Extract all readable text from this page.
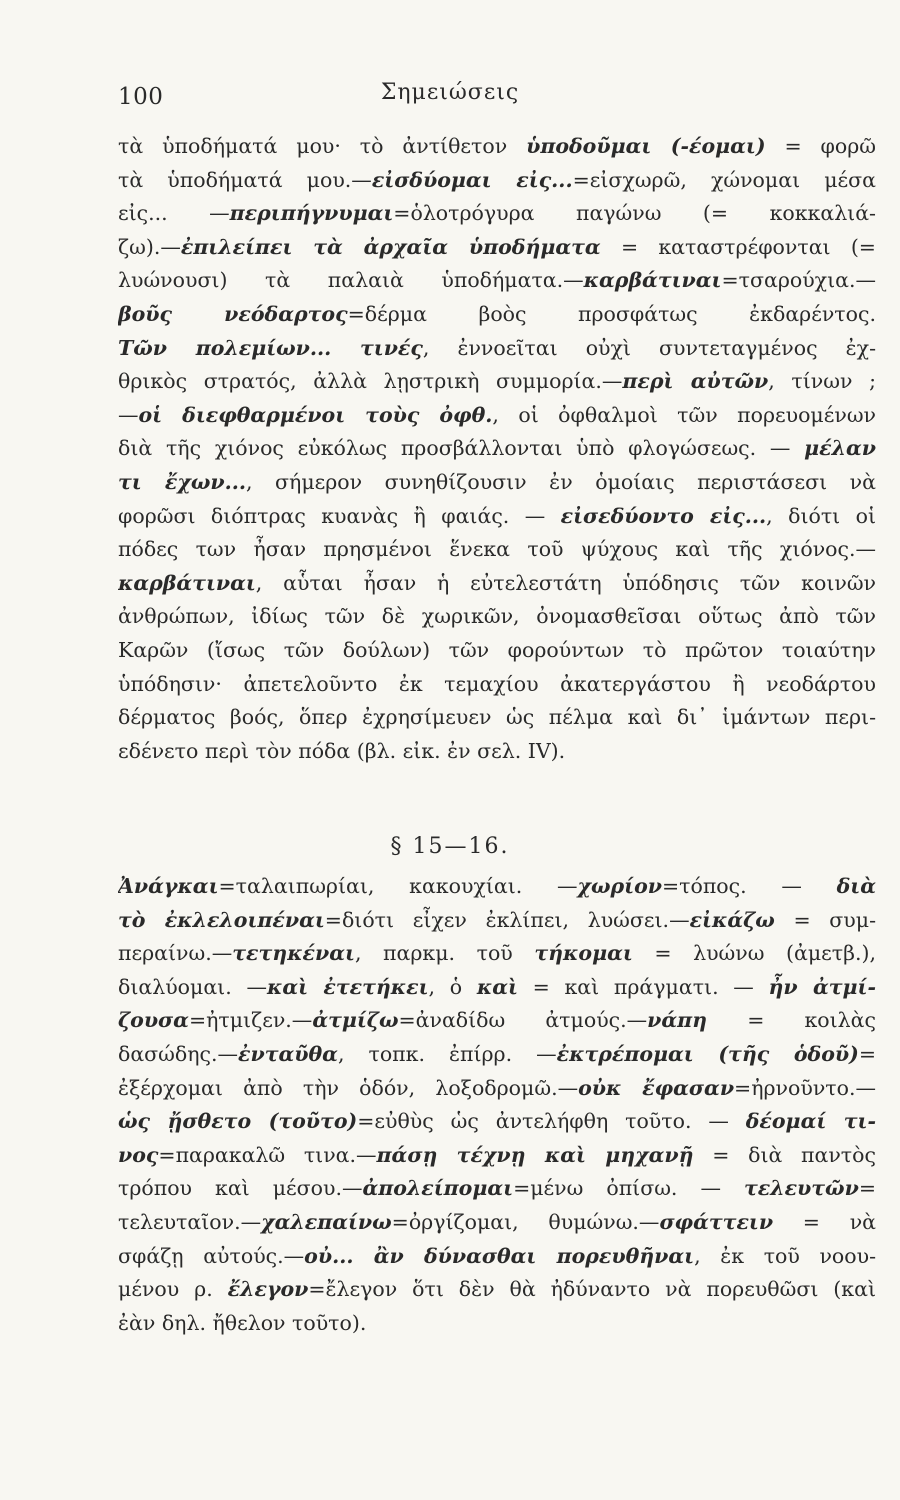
100	Σημειώσεις
τὰ ὑποδήματά μου· τὸ ἀντίθετον ὑποδοῦμαι (-έομαι) = φορῶ
τὰ ὑποδήματά μου.—εἰσδύομαι εἰς...=εἰσχωρῶ, χώνομαι μέσα
εἰς... —περιπήγνυμαι=ὁλοτρόγυρα παγώνω (= κοκκαλιά-
ζω).—ἐπιλείπει τὰ ἀρχαῖα ὑποδήματα = καταστρέφονται (=
λυώνουσι) τὰ παλαιὰ ὑποδήματα.—καρβάτιναι=τσαρούχια.—
βοῦς νεόδαρτος=δέρμα βοὸς προσφάτως ἐκδαρέντος.
Τῶν πολεμίων... τινές, ἐννοεῖται οὐχὶ συντεταγμένος ἐχ-
θρικὸς στρατός, ἀλλὰ λῃστρικὴ συμμορία.—περὶ αὐτῶν, τίνων ;
—οἱ διεφθαρμένοι τοὺς ὀφθ., οἱ ὀφθαλμοὶ τῶν πορευομένων
διὰ τῆς χιόνος εὐκόλως προσβάλλονται ὑπὸ φλογώσεως. — μέλαν
τι ἔχων..., σήμερον συνηθίζουσιν ἐν ὁμοίαις περιστάσεσι νὰ
φορῶσι διόπτρας κυανὰς ἢ φαιάς. — εἰσεδύοντο εἰς..., διότι οἱ
πόδες των ἦσαν πρησμένοι ἕνεκα τοῦ ψύχους καὶ τῆς χιόνος.—
καρβάτιναι, αὗται ἦσαν ἡ εὐτελεστάτη ὑπόδησις τῶν κοινῶν
ἀνθρώπων, ἰδίως τῶν δὲ χωρικῶν, ὀνομασθεῖσαι οὕτως ἀπὸ τῶν
Καρῶν (ἴσως τῶν δούλων) τῶν φορούντων τὸ πρῶτον τοιαύτην
ὑπόδησιν· ἀπετελοῦντο ἐκ τεμαχίου ἀκατεργάστου ἢ νεοδάρτου
δέρματος βοός, ὅπερ ἐχρησίμευεν ὡς πέλμα καὶ δι᾿ ἱμάντων περι-
εδένετο περὶ τὸν πόδα (βλ. εἰκ. ἐν σελ. IV).
§ 15—16.
Ἀνάγκαι=ταλαιπωρίαι, κακουχίαι. —χωρίον=τόπος. — διὰ
τὸ ἐκλελοιπέναι=διότι εἶχεν ἐκλίπει, λυώσει.—εἰκάζω = συμ-
περαίνω.—τετηκέναι, παρκμ. τοῦ τήκομαι = λυώνω (ἀμετβ.),
διαλύομαι. —καὶ ἐτετήκει, ὁ καὶ = καὶ πράγματι. — ἦν ἀτμί-
ζουσα=ἠτμιζεν.—ἀτμίζω=ἀναδίδω ἀτμούς.—νάπη = κοιλὰς
δασώδης.—ἐνταῦθα, τοπκ. ἐπίρρ. —ἐκτρέπομαι (τῆς ὁδοῦ)=
ἐξέρχομαι ἀπὸ τὴν ὁδόν, λοξοδρομῶ.—οὐκ ἔφασαν=ἠρνοῦντο.—
ὡς ᾔσθετο (τοῦτο)=εὐθὺς ὡς ἀντελήφθη τοῦτο. — δέομαί τι-
νος=παρακαλῶ τινα.—πάσῃ τέχνῃ καὶ μηχανῇ = διὰ παντὸς
τρόπου καὶ μέσου.—ἀπολείπομαι=μένω ὀπίσω. — τελευτῶν=
τελευταῖον.—χαλεπαίνω=ὀργίζομαι, θυμώνω.—σφάττειν = νὰ
σφάζῃ αὐτούς.—οὐ... ἂν δύνασθαι πορευθῆναι, ἐκ τοῦ νοου-
μένου ρ. ἔλεγον=ἔλεγον ὅτι δὲν θὰ ἠδύναντο νὰ πορευθῶσι (καὶ
ἐὰν δηλ. ἤθελον τοῦτο).
